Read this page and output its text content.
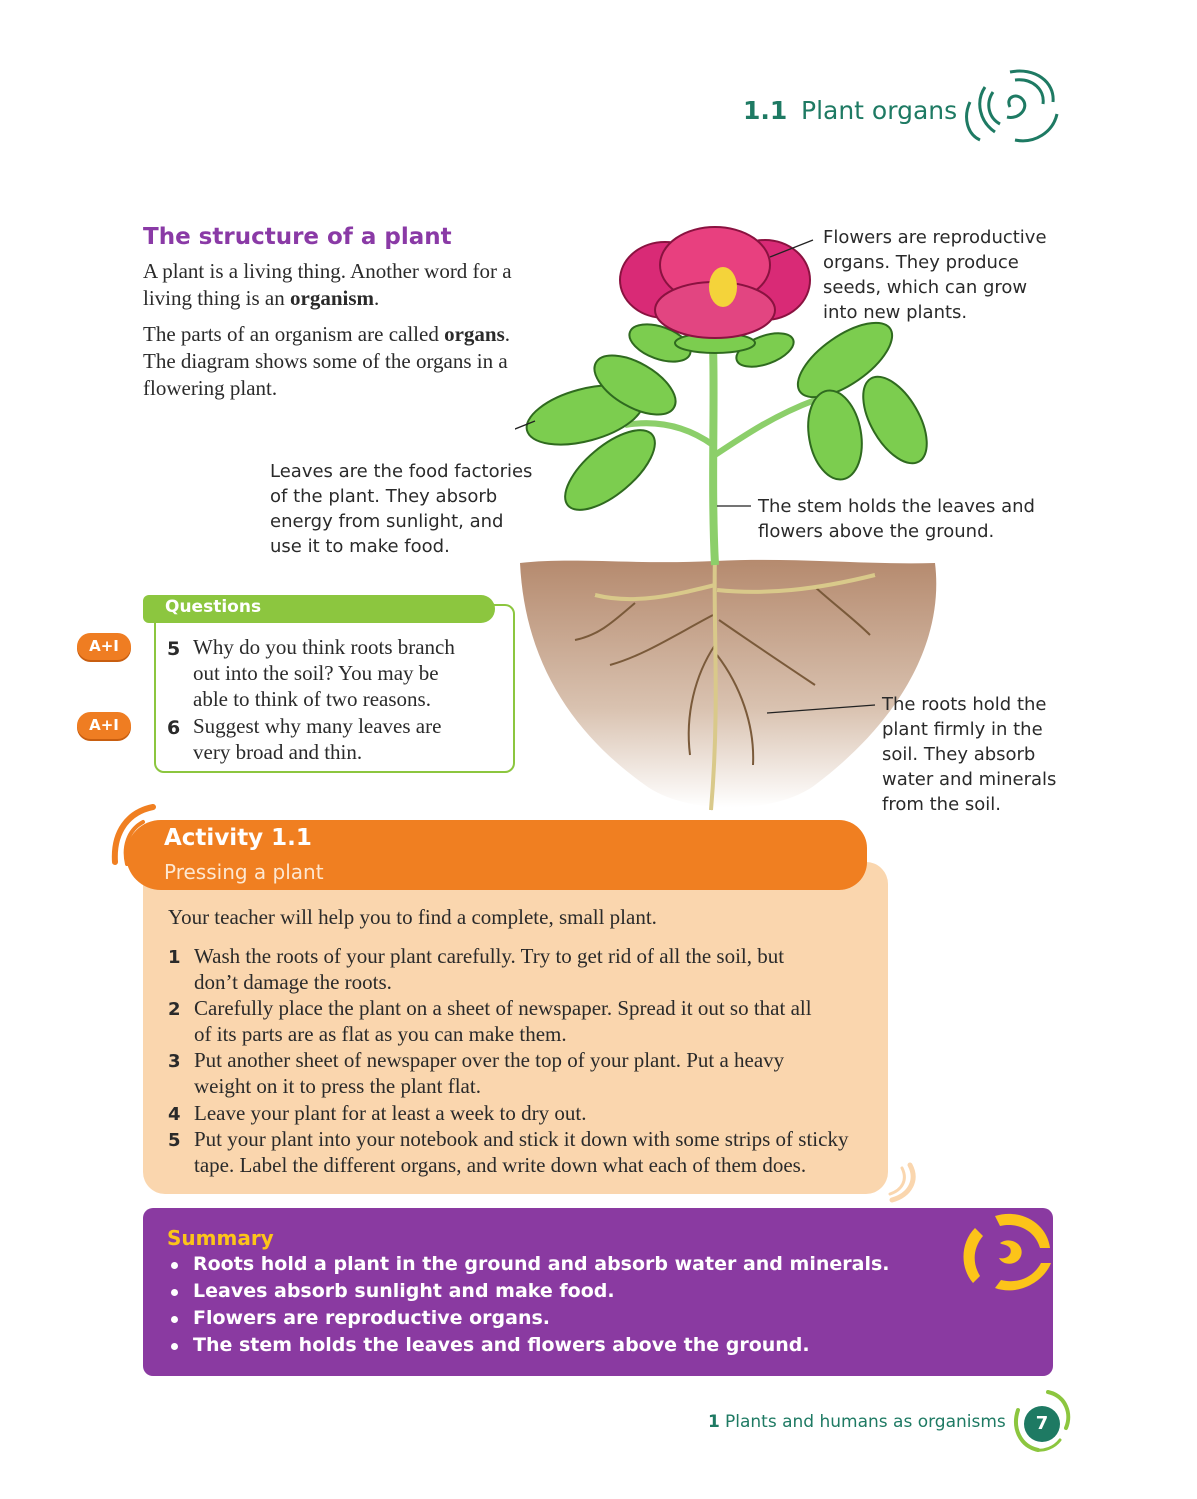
1.1 Plant organs
The structure of a plant

A plant is a living thing. Another word for a living thing is an organism.

The parts of an organism are called organs. The diagram shows some of the organs in a flowering plant.

Flowers are reproductive
organs. They produce
seeds, which can grow
into new plants.
Leaves are the food factories
of the plant. They absorb
energy from sunlight, and
use it to make food.
The stem holds the leaves and
flowers above the ground.
The roots hold the
plant firmly in the
soil. They absorb
water and minerals
from the soil.
Questions
A+I	5 Why do you think roots branch
out into the soil? You may be
able to think of two reasons.
A+I	6 Suggest why many leaves are
very broad and thin.
Activity 1.1
Pressing a plant
Your teacher will help you to find a complete, small plant.
1 Wash the roots of your plant carefully. Try to get rid of all the soil, but
don’t damage the roots.
2 Carefully place the plant on a sheet of newspaper. Spread it out so that all
of its parts are as flat as you can make them.
3 Put another sheet of newspaper over the top of your plant. Put a heavy
weight on it to press the plant flat.
4 Leave your plant for at least a week to dry out.
5 Put your plant into your notebook and stick it down with some strips of sticky
tape. Label the different organs, and write down what each of them does.
Summary
Roots hold a plant in the ground and absorb water and minerals.
Leaves absorb sunlight and make food.
Flowers are reproductive organs.
The stem holds the leaves and flowers above the ground.
1 Plants and humans as organisms	7
